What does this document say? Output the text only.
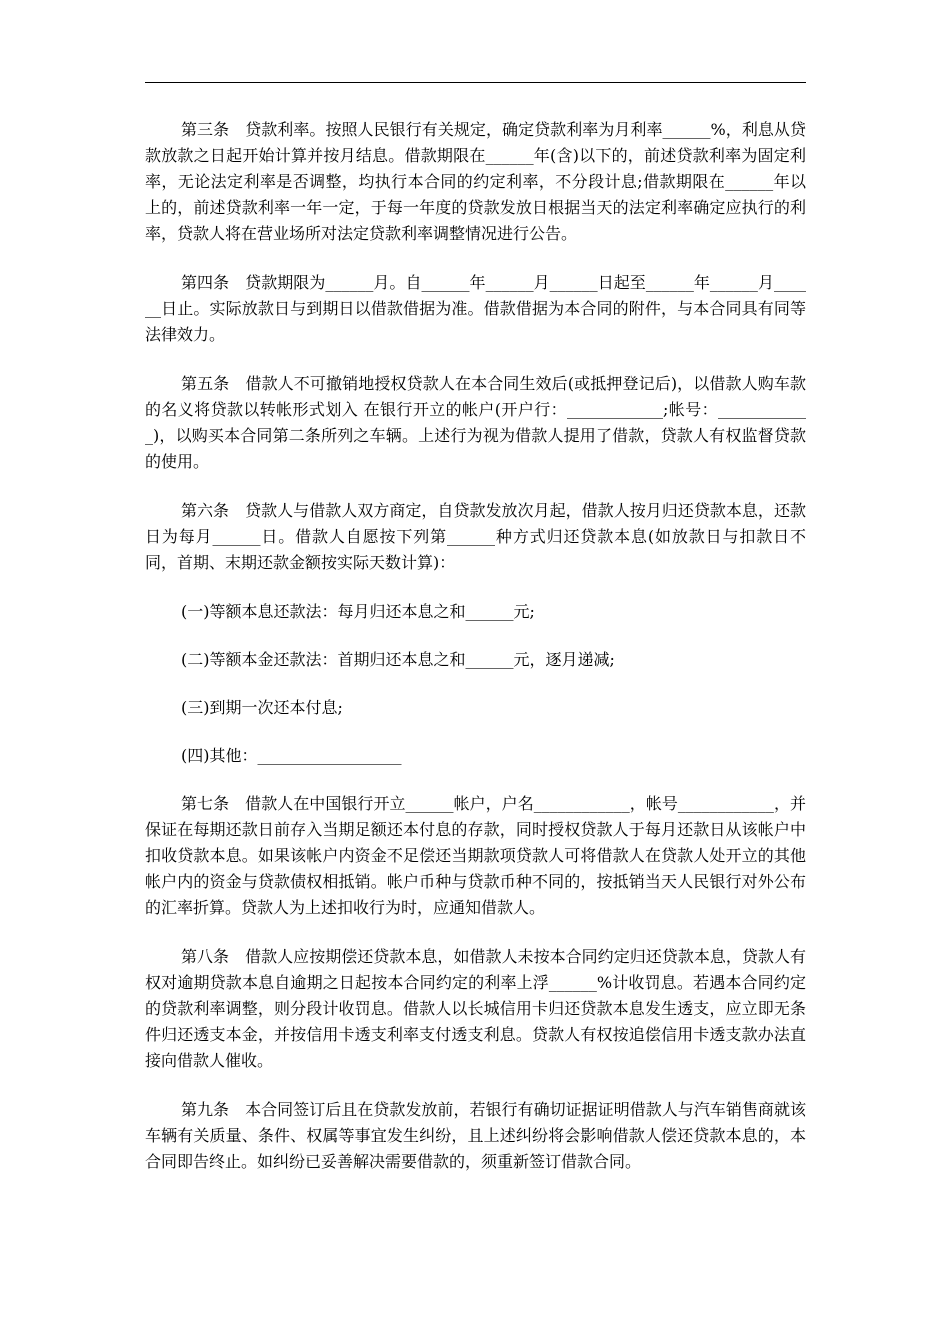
第三条　贷款利率。按照人民银行有关规定，确定贷款利率为月利率______%，利息从贷款放款之日起开始计算并按月结息。借款期限在______年(含)以下的，前述贷款利率为固定利率，无论法定利率是否调整，均执行本合同的约定利率，不分段计息;借款期限在______年以上的，前述贷款利率一年一定，于每一年度的贷款发放日根据当天的法定利率确定应执行的利率，贷款人将在营业场所对法定贷款利率调整情况进行公告。

第四条　贷款期限为______月。自______年______月______日起至______年______月______日止。实际放款日与到期日以借款借据为准。借款借据为本合同的附件，与本合同具有同等法律效力。

第五条　借款人不可撤销地授权贷款人在本合同生效后(或抵押登记后)，以借款人购车款的名义将贷款以转帐形式划入 在银行开立的帐户(开户行：____________;帐号：____________)，以购买本合同第二条所列之车辆。上述行为视为借款人提用了借款，贷款人有权监督贷款的使用。

第六条　贷款人与借款人双方商定，自贷款发放次月起，借款人按月归还贷款本息，还款日为每月______日。借款人自愿按下列第______种方式归还贷款本息(如放款日与扣款日不同，首期、末期还款金额按实际天数计算)：

(一)等额本息还款法：每月归还本息之和______元;

(二)等额本金还款法：首期归还本息之和______元，逐月递减;

(三)到期一次还本付息;

(四)其他：__________________

第七条　借款人在中国银行开立______帐户，户名____________，帐号____________，并保证在每期还款日前存入当期足额还本付息的存款，同时授权贷款人于每月还款日从该帐户中扣收贷款本息。如果该帐户内资金不足偿还当期款项贷款人可将借款人在贷款人处开立的其他帐户内的资金与贷款债权相抵销。帐户币种与贷款币种不同的，按抵销当天人民银行对外公布的汇率折算。贷款人为上述扣收行为时，应通知借款人。

第八条　借款人应按期偿还贷款本息，如借款人未按本合同约定归还贷款本息，贷款人有权对逾期贷款本息自逾期之日起按本合同约定的利率上浮______%计收罚息。若遇本合同约定的贷款利率调整，则分段计收罚息。借款人以长城信用卡归还贷款本息发生透支，应立即无条件归还透支本金，并按信用卡透支利率支付透支利息。贷款人有权按追偿信用卡透支款办法直接向借款人催收。

第九条　本合同签订后且在贷款发放前，若银行有确切证据证明借款人与汽车销售商就该车辆有关质量、条件、权属等事宜发生纠纷，且上述纠纷将会影响借款人偿还贷款本息的，本合同即告终止。如纠纷已妥善解决需要借款的，须重新签订借款合同。
